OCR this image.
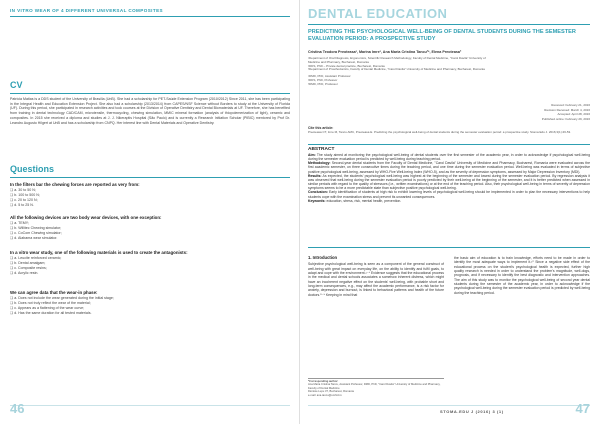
IN VITRO WEAR OF 4 DIFFERENT UNIVERSAL COMPOSITES
CV
Patrícia Matias is a DDS student of the University of Brasília (UnB). She had a scholarship for PET-Saúde Extension Program (2010/2012) Since 2011, she has been participating in the Integral Health and Education Extension Project. She also had a scholarship (2013/2014) from CAPES/NSF Science without Borders to study at the University of Florida (UF). During this period, she participated in research activities and took courses at the Division of Operative Dentistry and Dental Biomaterials at UF. Therefore, she has benefited from training in dental technology CAD/CAM, microtensile, thermocycling, chewing simulation, MMIC mineral formation (analysis of thiopolemerization of light), ceramic and composites. In 2015 she received a diploma and studies at J. J. Nikeraptis Hospital (São Paulo) and is currently a Research Initiation Scholar (PIBIC) mentored by Prof Dr. Leandro Augusto Hilgert at UnB and has a scholarship from CNPQ. Her interest line with Dental Materials and Operative Dentistry.
Questions
In the filters bar the chewing forces are reported as very from:
❑ a. 30 to 50 N;
❑ b. 100 to 500 N;
❑ c. 20 to 120 N;
❑ d. 5 to 25 N.
All the following devices are two body wear devices, with one exception:
❑ a. TEMY;
❑ b. Willitec Chewing simulator;
❑ c. CoCom Chewing simulator;
❑ d. Alabama wear simulator.
In a vitro wear study, one of the following materials is used to create the antagonists:
❑ a. Leucite reinforced ceramic;
❑ b. Dental amalgam;
❑ c. Composite resins;
❑ d. Acrylic resin.
We can agree data that the wear-in phase:
❑ a. Does not include the wear generated during the initial stage;
❑ b. Does not truly reflect the wear of the material;
❑ c. Appears as a flattening of the wear curve;
❑ d. Has the same duration for all tested materials.
46
DENTAL EDUCATION
PREDICTING THE PSYCHOLOGICAL WELL-BEING OF DENTAL STUDENTS DURING THE SEMESTER EVALUATION PERIOD: A PROSPECTIVE STUDY
Cristina Teodora Preoteasa¹, Marina Imre¹, Ana Maria Cristina Tancu²*, Elena Preoteasa²
¹Department of Oral Diagnosis, Ergonomics, Scientific Research Methodology, Faculty of Dental Medicine, "Carol Davila" University of Medicine and Pharmacy, Bucharest, Romania
²DDS, PhD – Private dental practice, Bucharest, Romania
³Department of Prosthodontics, Faculty of Dental Medicine, "Carol Davila" University of Medicine and Pharmacy, Bucharest, Romania
¹DMD, PhD, Assistant Professor
²DDS, PhD, Professor
³DMD, PhD, Professor
Received: February 21, 2016
Revision Received: March 4, 2016
Accepted: April 28, 2016
Published online: February 29, 2016
Cite this article:
Preoteasa CT, Imre M, Tancu AMC, Preoteasa E. Predicting the psychological well-being of dental students during the semester evaluation period: a prospective study. Stoma Edu J. 2016;3(1):46-53.
ABSTRACT
Aim: The study aimed at monitoring the psychological well-being of dental students over the first semester of the academic year, in order to acknowledge if psychological well-being during the semester evaluation period is predicted by well-being during teaching period.
Methodology: Second-year dental students from the Faculty of Dental Medicine, "Carol Davila" University of Medicine and Pharmacy, Bucharest, Romania were evaluated across the first academic semester, on three consecutive times during the teaching period, and one time during the semester evaluation period. Well-being was evaluated in terms of subjective positive psychological well-being, assessed by WHO-Five Well-being Index (WHO-5), and as the severity of depression symptoms, assessed by Major Depression Inventory (MDI).
Results: As expected, the students' psychological well-being was highest at the beginning of the semester and lowest during the semester evaluation period. By regression analysis it was observed that well-being during the semester evaluation period is poorly predicted by their well-being at the beginning of the semester, and it is better predicted when assessed in similar periods with regard to the quality of stressors (i.e., written examinations) or at the end of the teaching period. Also, their psychological well-being in terms of severity of depression symptoms seems to be a more predictable state than subjective positive psychological well-being.
Conclusion: Early identification of students at high risk to exhibit lowering levels of psychological well-being should be implemented in order to plan the necessary interventions to help students cope with the examination stress and prevent its unwanted consequences.
Keywords: education, stress, risk, mental health, prevention.
1. Introduction
Subjective psychological well-being is seen as a component of the general construct of well-being with great impact on everyday life, on the ability to identify and fulfil goals, to adapt and cope with the environment.¹⁻⁴ Evidence suggests that the educational process in the medical and dental schools associates a somehow inherent distress, which might have an incoherent negative effect on the students' well-being, with probable short and long-term consequences, e.g., may affect the academic performance, is a risk factor for anxiety, depression and burnout, is linked to behavioral patterns and health of the future doctors.⁵⁻⁹ Keeping in mind that
the basic aim of education is to train knowledge, efforts need to be made in order to identify the most adequate ways to implement it.¹⁰ Since a negative side effect of the educational process on the student's psychological health is expected, further high quality research is needed in order to understand the problem's magnitude, well-dogs, prognosis, and if necessary to identify the best diagnostic and intervention approaches. The aim of this study was to monitor the psychological well-being of second year dental students during the semester of the academic year, in order to acknowledge if the psychological well-being during the semester evaluation period is predicted by well-being during the teaching period.
*Corresponding author:
Ana Maria Cristina Tancu, Assistant Professor, DMD, PhD, "Carol Davila" University of Medicine and Pharmacy, Faculty of Dental Medicine
Dionisie Lupu 37, Bucharest, Romania
e-mail: ana.tancu@umfcd.ro
STOMA.EDU J (2016) 3 (1)	47
